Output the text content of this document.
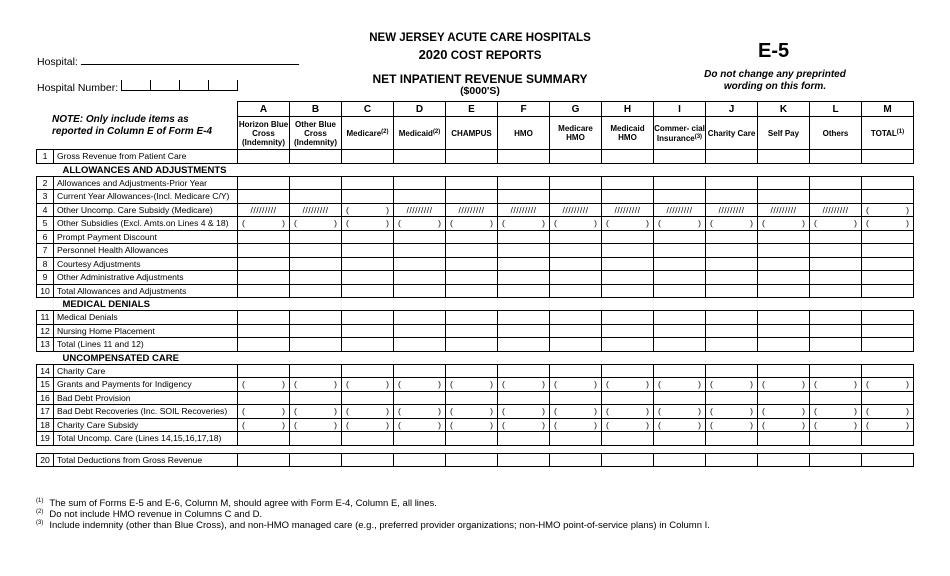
NEW JERSEY ACUTE CARE HOSPITALS
2020 COST REPORTS	E-5
NET INPATIENT REVENUE SUMMARY
($000'S)
Do not change any preprinted wording on this form.
Hospital:
Hospital Number:
NOTE: Only include items as reported in Column E of Form E-4
		A	B	C	D	E	F	G	H	I	J	K	L	M
		Horizon Blue Cross (Indemnity)	Other Blue Cross (Indemnity)	Medicare$^{(2)}$	Medicaid$^{(2)}$	CHAMPUS	HMO	Medicare HMO	Medicaid HMO	Commer- cial Insurance$^{(3)}$	Charity Care	Self Pay	Others	TOTAL$^{(1)}$
1	Gross Revenue from Patient Care													
ALLOWANCES AND ADJUSTMENTS														
2	Allowances and Adjustments-Prior Year													
3	Current Year Allowances-(Incl. Medicare C/Y)													
4	Other Uncomp. Care Subsidy (Medicare)	/////////	/////////	( )	/////////	/////////	/////////	/////////	/////////	/////////	/////////	/////////	/////////	( )

5	Other Subsidies (Excl. Amts.on Lines 4 & 18)	( )	( )	( )	( )	( )	( )	( )	( )	( )	( )	( )	( )	( )

6	Prompt Payment Discount													
7	Personnel Health Allowances													
8	Courtesy Adjustments													
9	Other Administrative Adjustments													
10	Total Allowances and Adjustments													
MEDICAL DENIALS														
11	Medical Denials													
12	Nursing Home Placement													
13	Total (Lines 11 and 12)													
UNCOMPENSATED CARE														
14	Charity Care													
15	Grants and Payments for Indigency	( )	( )	( )	( )	( )	( )	( )	( )	( )	( )	( )	( )	( )

16	Bad Debt Provision													
17	Bad Debt Recoveries (Inc. SOIL Recoveries)	( )	( )	( )	( )	( )	( )	( )	( )	( )	( )	( )	( )	( )

18	Charity Care Subsidy	( )	( )	( )	( )	( )	( )	( )	( )	( )	( )	( )	( )	( )

19	Total Uncomp. Care (Lines 14,15,16,17,18)													

20	Total Deductions from Gross Revenue													
$^{(1)}$ The sum of Forms E-5 and E-6, Column M, should agree with Form E-4, Column E, all lines.
$^{(2)}$ Do not include HMO revenue in Columns C and D.
$^{(3)}$ Include indemnity (other than Blue Cross), and non-HMO managed care (e.g., preferred provider organizations; non-HMO point-of-service plans) in Column I.
